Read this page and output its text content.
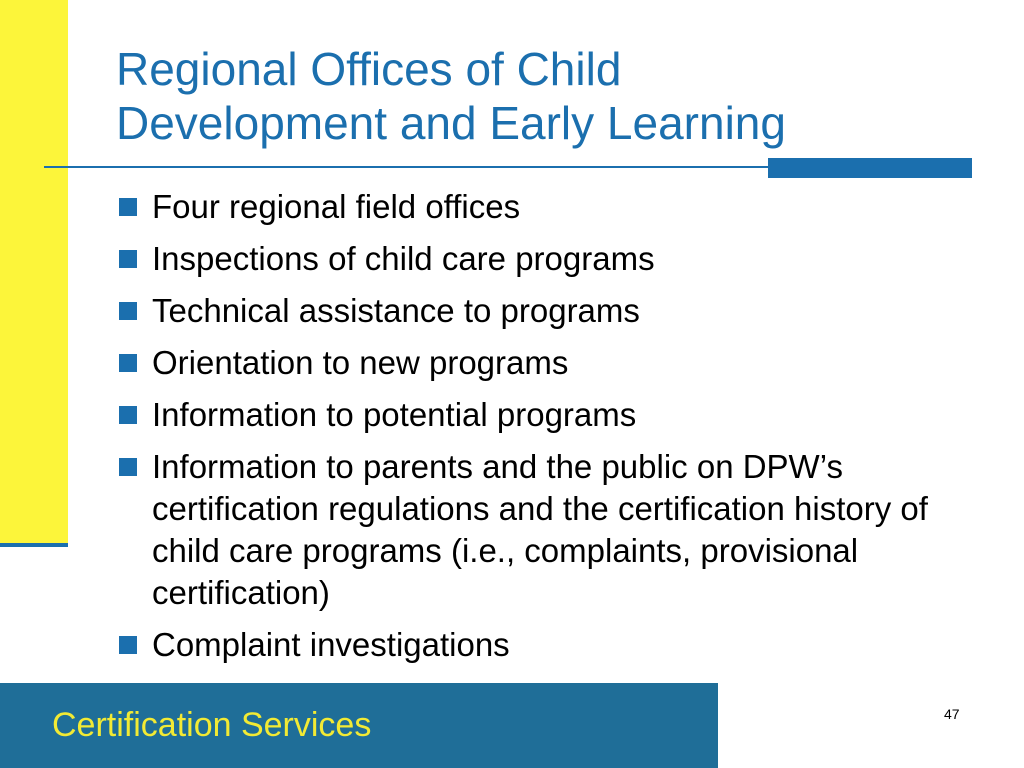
Regional Offices of Child
Development and Early Learning
Four regional field offices
Inspections of child care programs
Technical assistance to programs
Orientation to new programs
Information to potential programs
Information to parents and the public on DPW’s certification regulations and the certification history of child care programs (i.e., complaints, provisional certification)
Complaint investigations
Certification Services	47
